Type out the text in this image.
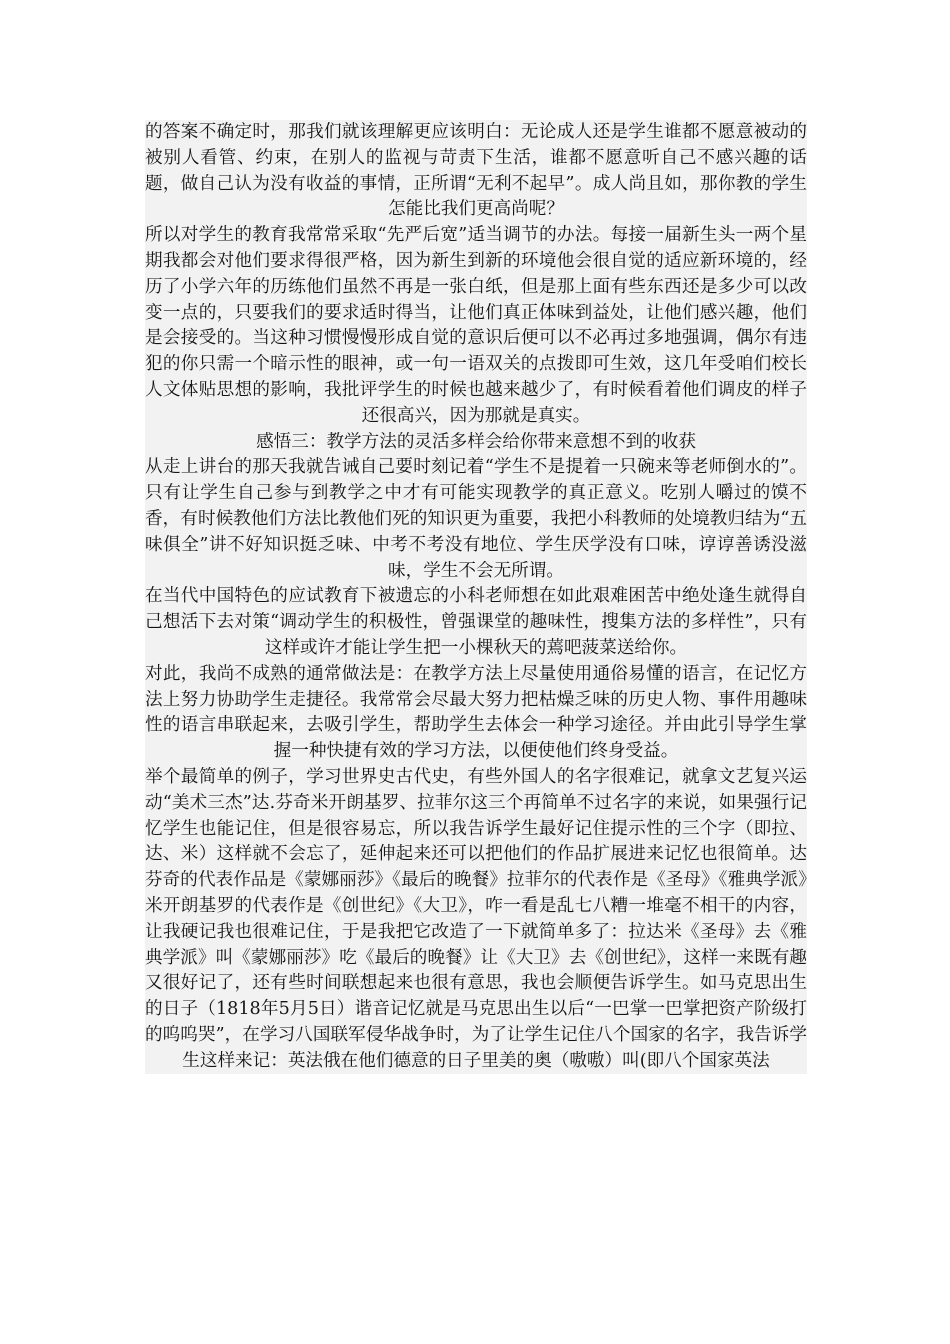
的答案不确定时，那我们就该理解更应该明白：无论成人还是学生谁都不愿意被动的被别人看管、约束，在别人的监视与苛责下生活，谁都不愿意听自己不感兴趣的话题，做自己认为没有收益的事情，正所谓“无利不起早”。成人尚且如，那你教的学生怎能比我们更高尚呢？

所以对学生的教育我常常采取“先严后宽”适当调节的办法。每接一届新生头一两个星期我都会对他们要求得很严格，因为新生到新的环境他会很自觉的适应新环境的，经历了小学六年的历练他们虽然不再是一张白纸，但是那上面有些东西还是多少可以改变一点的，只要我们的要求适时得当，让他们真正体味到益处，让他们感兴趣，他们是会接受的。当这种习惯慢慢形成自觉的意识后便可以不必再过多地强调，偶尔有违犯的你只需一个暗示性的眼神，或一句一语双关的点拨即可生效，这几年受咱们校长人文体贴思想的影响，我批评学生的时候也越来越少了，有时候看着他们调皮的样子还很高兴，因为那就是真实。

感悟三：教学方法的灵活多样会给你带来意想不到的收获

从走上讲台的那天我就告诫自己要时刻记着“学生不是提着一只碗来等老师倒水的”。只有让学生自己参与到教学之中才有可能实现教学的真正意义。吃别人嚼过的馍不香，有时候教他们方法比教他们死的知识更为重要，我把小科教师的处境教归结为“五味俱全”讲不好知识挺乏味、中考不考没有地位、学生厌学没有口味，谆谆善诱没滋味，学生不会无所谓。

在当代中国特色的应试教育下被遗忘的小科老师想在如此艰难困苦中绝处逢生就得自己想活下去对策“调动学生的积极性，曾强课堂的趣味性，搜集方法的多样性”，只有这样或许才能让学生把一小棵秋天的蔫吧菠菜送给你。

对此，我尚不成熟的通常做法是：在教学方法上尽量使用通俗易懂的语言，在记忆方法上努力协助学生走捷径。我常常会尽最大努力把枯燥乏味的历史人物、事件用趣味性的语言串联起来，去吸引学生，帮助学生去体会一种学习途径。并由此引导学生掌握一种快捷有效的学习方法，以便使他们终身受益。

举个最简单的例子，学习世界史古代史，有些外国人的名字很难记，就拿文艺复兴运动“美术三杰”达.芬奇米开朗基罗、拉菲尔这三个再简单不过名字的来说，如果强行记忆学生也能记住，但是很容易忘，所以我告诉学生最好记住提示性的三个字（即拉、达、米）这样就不会忘了，延伸起来还可以把他们的作品扩展进来记忆也很简单。达芬奇的代表作品是《蒙娜丽莎》《最后的晚餐》拉菲尔的代表作是《圣母》《雅典学派》米开朗基罗的代表作是《创世纪》《大卫》，咋一看是乱七八糟一堆毫不相干的内容，让我硬记我也很难记住，于是我把它改造了一下就简单多了：拉达米《圣母》去《雅典学派》叫《蒙娜丽莎》吃《最后的晚餐》让《大卫》去《创世纪》，这样一来既有趣又很好记了，还有些时间联想起来也很有意思，我也会顺便告诉学生。如马克思出生的日子（1818年5月5日）谐音记忆就是马克思出生以后“一巴掌一巴掌把资产阶级打的呜呜哭”，在学习八国联军侵华战争时，为了让学生记住八个国家的名字，我告诉学生这样来记：英法俄在他们德意的日子里美的奥（嗷嗷）叫(即八个国家英法
